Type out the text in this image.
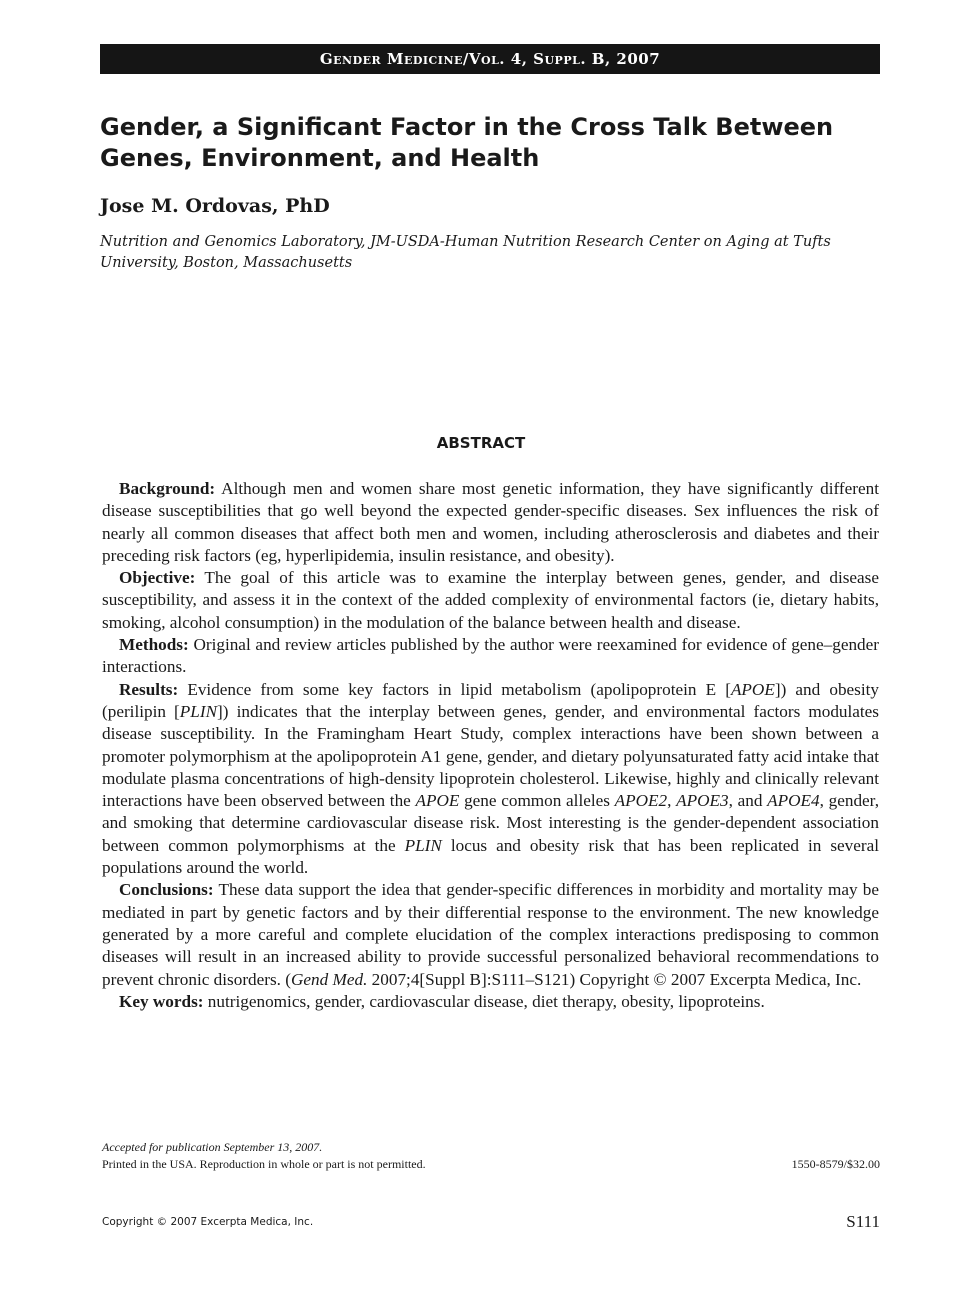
Gender Medicine/Vol. 4, Suppl. B, 2007
Gender, a Significant Factor in the Cross Talk Between Genes, Environment, and Health
Jose M. Ordovas, PhD
Nutrition and Genomics Laboratory, JM-USDA-Human Nutrition Research Center on Aging at Tufts University, Boston, Massachusetts
ABSTRACT

Background: Although men and women share most genetic information, they have significantly different disease susceptibilities that go well beyond the expected gender-specific diseases. Sex influences the risk of nearly all common diseases that affect both men and women, including atherosclerosis and diabetes and their preceding risk factors (eg, hyperlipidemia, insulin resistance, and obesity).

Objective: The goal of this article was to examine the interplay between genes, gender, and disease susceptibility, and assess it in the context of the added complexity of environmental factors (ie, dietary habits, smoking, alcohol consumption) in the modulation of the balance between health and disease.

Methods: Original and review articles published by the author were reexamined for evidence of gene–gender interactions.

Results: Evidence from some key factors in lipid metabolism (apolipoprotein E [APOE]) and obesity (perilipin [PLIN]) indicates that the interplay between genes, gender, and environmental factors modulates disease susceptibility. In the Framingham Heart Study, complex interactions have been shown between a promoter polymorphism at the apolipoprotein A1 gene, gender, and dietary polyunsaturated fatty acid intake that modulate plasma concentrations of high-density lipoprotein cholesterol. Likewise, highly and clinically relevant interactions have been observed between the APOE gene common alleles APOE2, APOE3, and APOE4, gender, and smoking that determine cardiovascular disease risk. Most interesting is the gender-dependent association between common polymorphisms at the PLIN locus and obesity risk that has been replicated in several populations around the world.

Conclusions: These data support the idea that gender-specific differences in morbidity and mortality may be mediated in part by genetic factors and by their differential response to the environment. The new knowledge generated by a more careful and complete elucidation of the complex interactions predisposing to common diseases will result in an increased ability to provide successful personalized behavioral recommendations to prevent chronic disorders. (Gend Med. 2007;4[Suppl B]:S111–S121) Copyright © 2007 Excerpta Medica, Inc.

Key words: nutrigenomics, gender, cardiovascular disease, diet therapy, obesity, lipoproteins.

Accepted for publication September 13, 2007.
Printed in the USA. Reproduction in whole or part is not permitted.	1550-8579/$32.00
Copyright © 2007 Excerpta Medica, Inc.	S111
